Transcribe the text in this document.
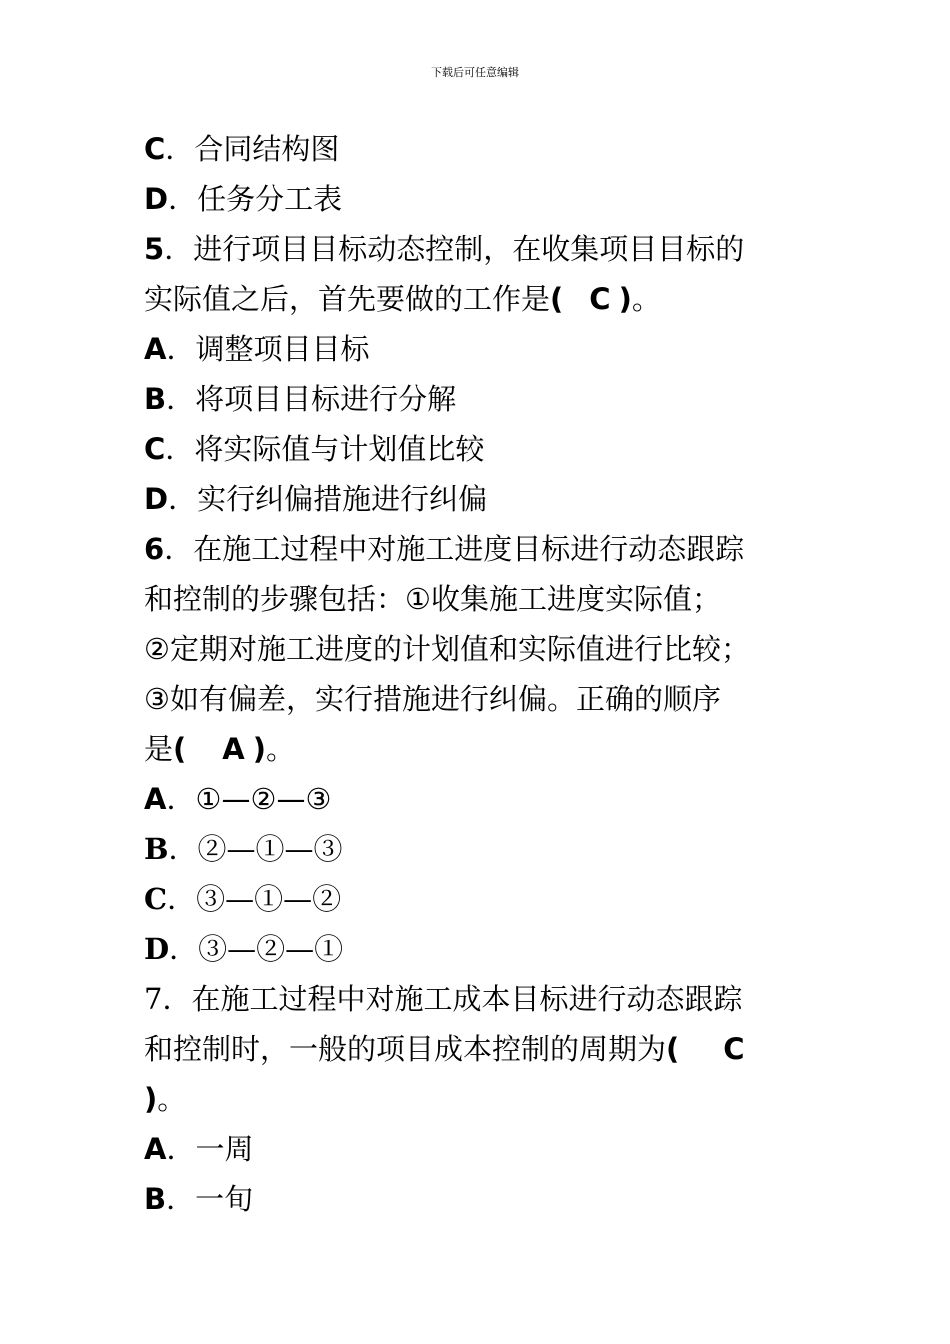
下载后可任意编辑
C．合同结构图
D．任务分工表
5．进行项目目标动态控制，在收集项目目标的
实际值之后，首先要做的工作是( C )。
A．调整项目目标
B．将项目目标进行分解
C．将实际值与计划值比较
D．实行纠偏措施进行纠偏
6．在施工过程中对施工进度目标进行动态跟踪
和控制的步骤包括：①收集施工进度实际值；
②定期对施工进度的计划值和实际值进行比较；
③如有偏差，实行措施进行纠偏。正确的顺序
是( A )。
A．①—②—③
B．②—①—③
C．③—①—②
D．③—②—①
7．在施工过程中对施工成本目标进行动态跟踪
和控制时，一般的项目成本控制的周期为( C
)。
A．一周
B．一旬
